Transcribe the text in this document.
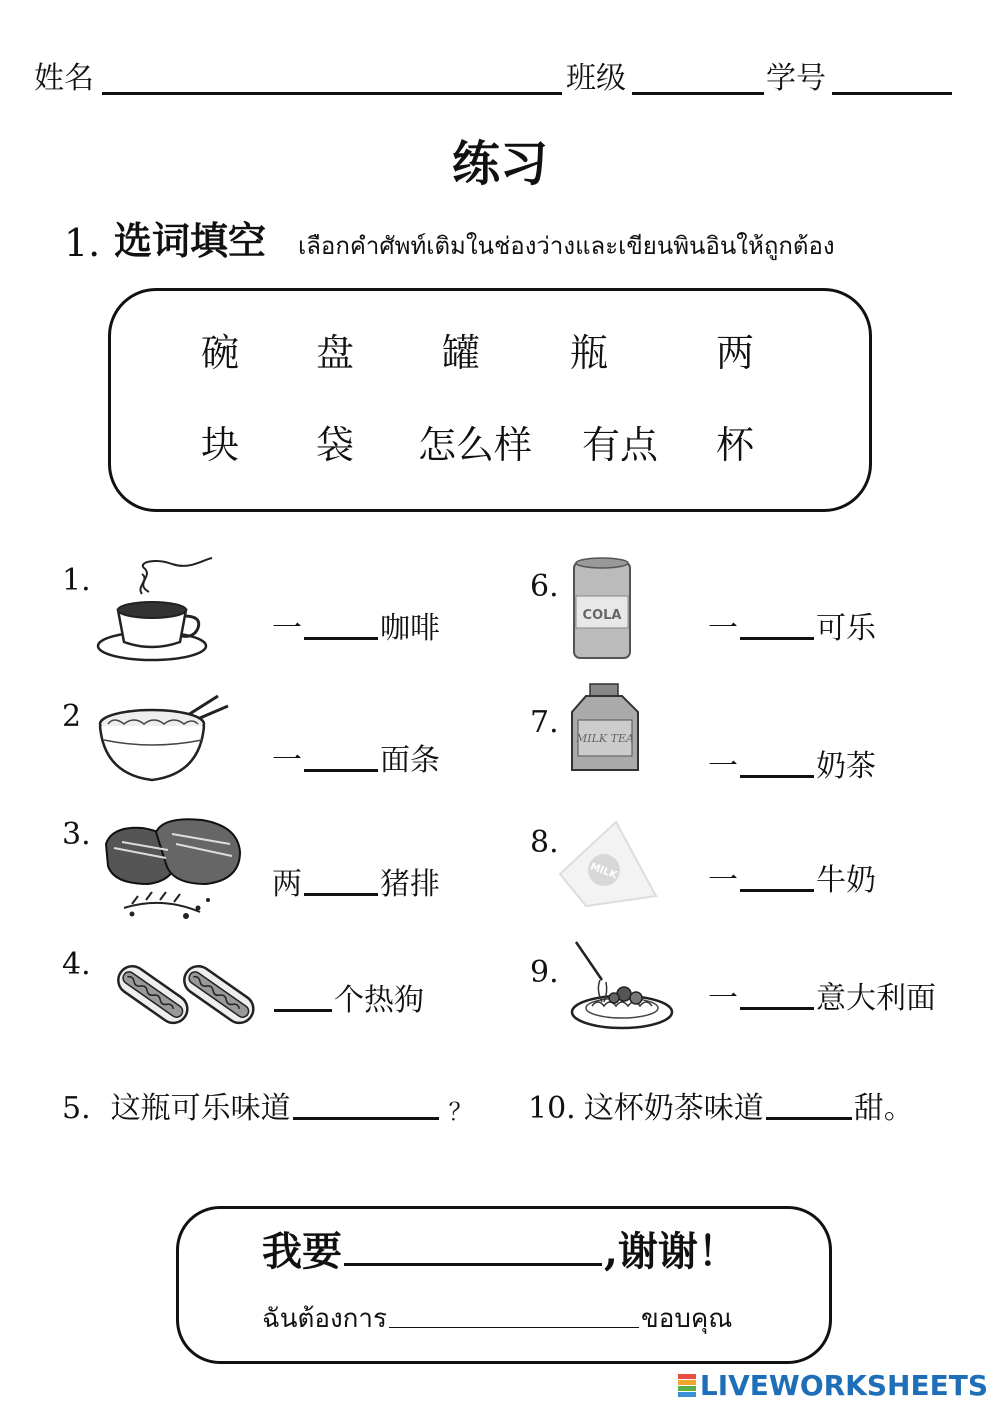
姓名	班级	学号
练习
1. 选词填空 เลือกคำศัพท์เติมในช่องว่างและเขียนพินอินให้ถูกต้อง
碗 盘 罐 瓶	两
块 袋 怎么样 有点 杯
1.
2
3.
4.
6.
7.
8.
9.
COLA
MILK TEA
MILK
一	咖啡
一	面条
两	猪排
个热狗
5. 这瓶可乐味道	？
一	可乐
一	奶茶
一	牛奶
一	意大利面
10. 这杯奶茶味道	甜。
我要	,谢谢！
ฉันต้องการ	ขอบคุณ
LIVEWORKSHEETS
